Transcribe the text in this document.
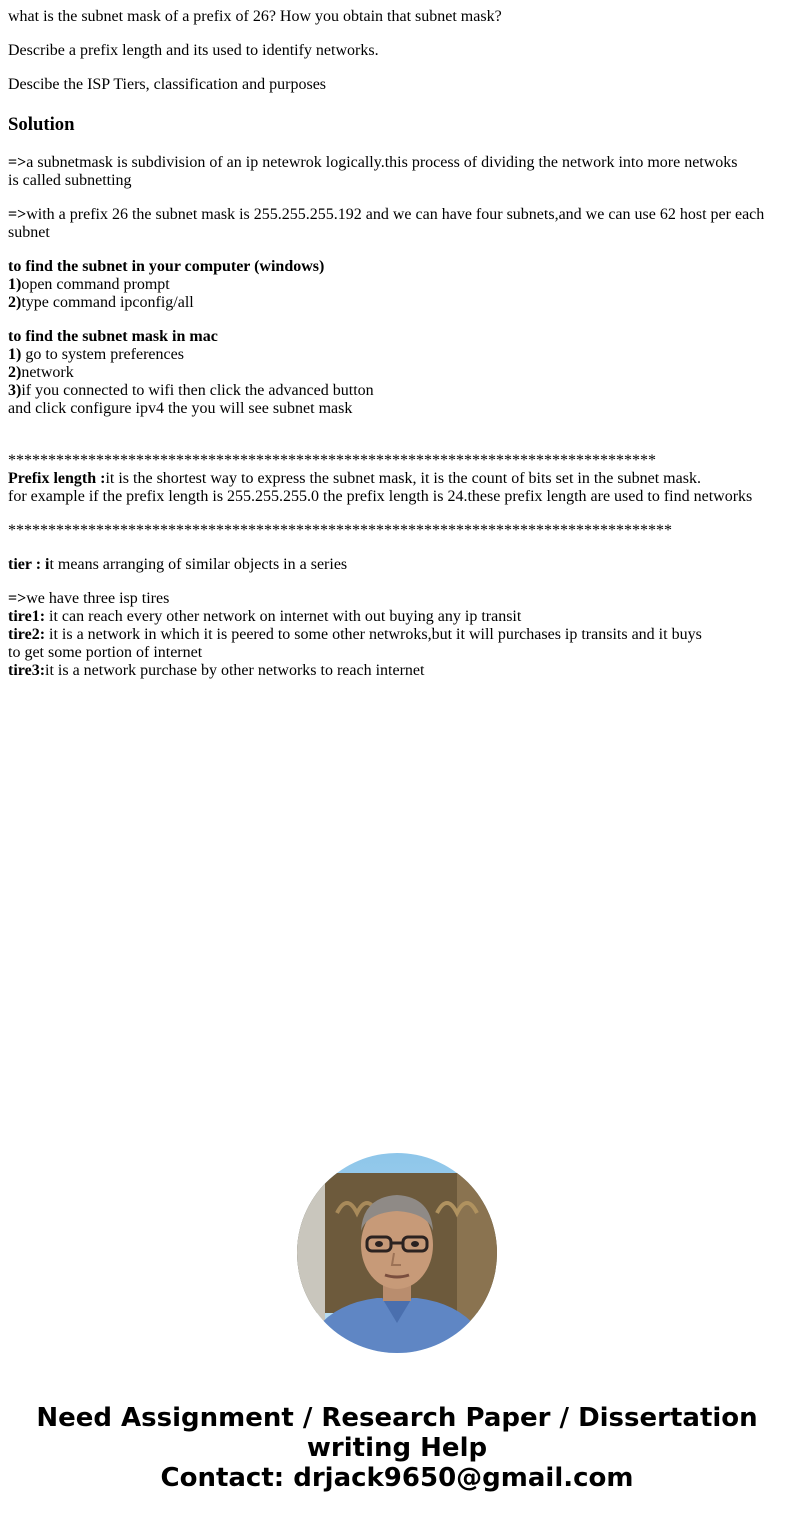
what is the subnet mask of a prefix of 26? How you obtain that subnet mask?

Describe a prefix length and its used to identify networks.

Descibe the ISP Tiers, classification and purposes

Solution

=>a subnetmask is subdivision of an ip netewrok logically.this process of dividing the network into more netwoks
is called subnetting

=>with a prefix 26 the subnet mask is 255.255.255.192 and we can have four subnets,and we can use 62 host per each
subnet

to find the subnet in your computer (windows)
1)open command prompt
2)type command ipconfig/all

to find the subnet mask in mac
1) go to system preferences
2)network
3)if you connected to wifi then click the advanced button
and click configure ipv4 the you will see subnet mask

*********************************************************************************
Prefix length :it is the shortest way to express the subnet mask, it is the count of bits set in the subnet mask.
for example if the prefix length is 255.255.255.0 the prefix length is 24.these prefix length are used to find networks

***********************************************************************************

tier : it means arranging of similar objects in a series

=>we have three isp tires
tire1: it can reach every other network on internet with out buying any ip transit
tire2: it is a network in which it is peered to some other netwroks,but it will purchases ip transits and it buys
to get some portion of internet
tire3:it is a network purchase by other networks to reach internet

Need Assignment / Research Paper / Dissertation
writing Help
Contact: drjack9650@gmail.com
